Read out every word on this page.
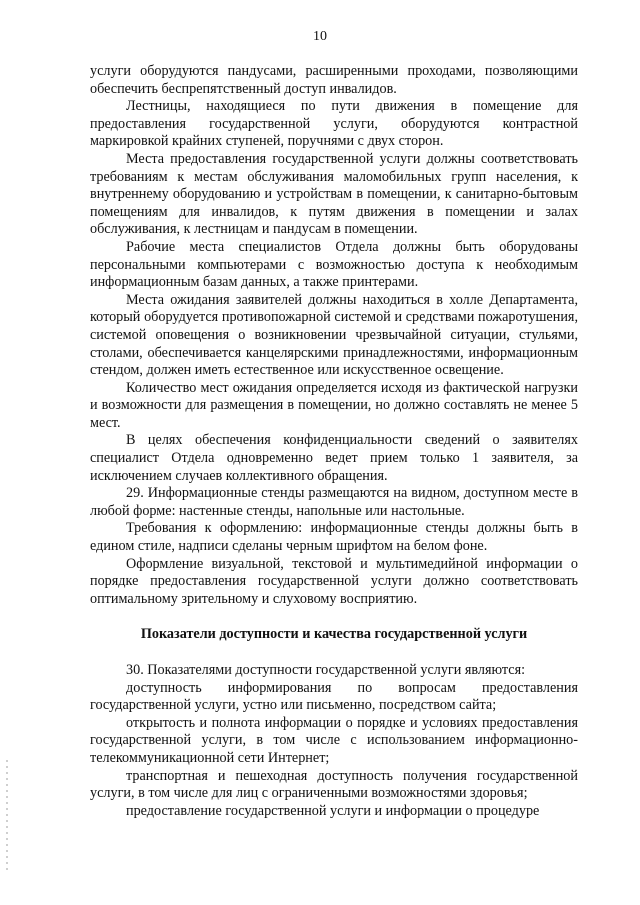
10

услуги оборудуются пандусами, расширенными проходами, позволяющими обеспечить беспрепятственный доступ инвалидов.

Лестницы, находящиеся по пути движения в помещение для предоставления государственной услуги, оборудуются контрастной маркировкой крайних ступеней, поручнями с двух сторон.

Места предоставления государственной услуги должны соответствовать требованиям к местам обслуживания маломобильных групп населения, к внутреннему оборудованию и устройствам в помещении, к санитарно-бытовым помещениям для инвалидов, к путям движения в помещении и залах обслуживания, к лестницам и пандусам в помещении.

Рабочие места специалистов Отдела должны быть оборудованы персональными компьютерами с возможностью доступа к необходимым информационным базам данных, а также принтерами.

Места ожидания заявителей должны находиться в холле Департамента, который оборудуется противопожарной системой и средствами пожаротушения, системой оповещения о возникновении чрезвычайной ситуации, стульями, столами, обеспечивается канцелярскими принадлежностями, информационным стендом, должен иметь естественное или искусственное освещение.

Количество мест ожидания определяется исходя из фактической нагрузки и возможности для размещения в помещении, но должно составлять не менее 5 мест.

В целях обеспечения конфиденциальности сведений о заявителях специалист Отдела одновременно ведет прием только 1 заявителя, за исключением случаев коллективного обращения.

29. Информационные стенды размещаются на видном, доступном месте в любой форме: настенные стенды, напольные или настольные.

Требования к оформлению: информационные стенды должны быть в едином стиле, надписи сделаны черным шрифтом на белом фоне.

Оформление визуальной, текстовой и мультимедийной информации о порядке предоставления государственной услуги должно соответствовать оптимальному зрительному и слуховому восприятию.

Показатели доступности и качества государственной услуги

30. Показателями доступности государственной услуги являются:

доступность информирования по вопросам предоставления государственной услуги, устно или письменно, посредством сайта;

открытость и полнота информации о порядке и условиях предоставления государственной услуги, в том числе с использованием информационно-телекоммуникационной сети Интернет;

транспортная и пешеходная доступность получения государственной услуги, в том числе для лиц с ограниченными возможностями здоровья;

предоставление государственной услуги и информации о процедуре
